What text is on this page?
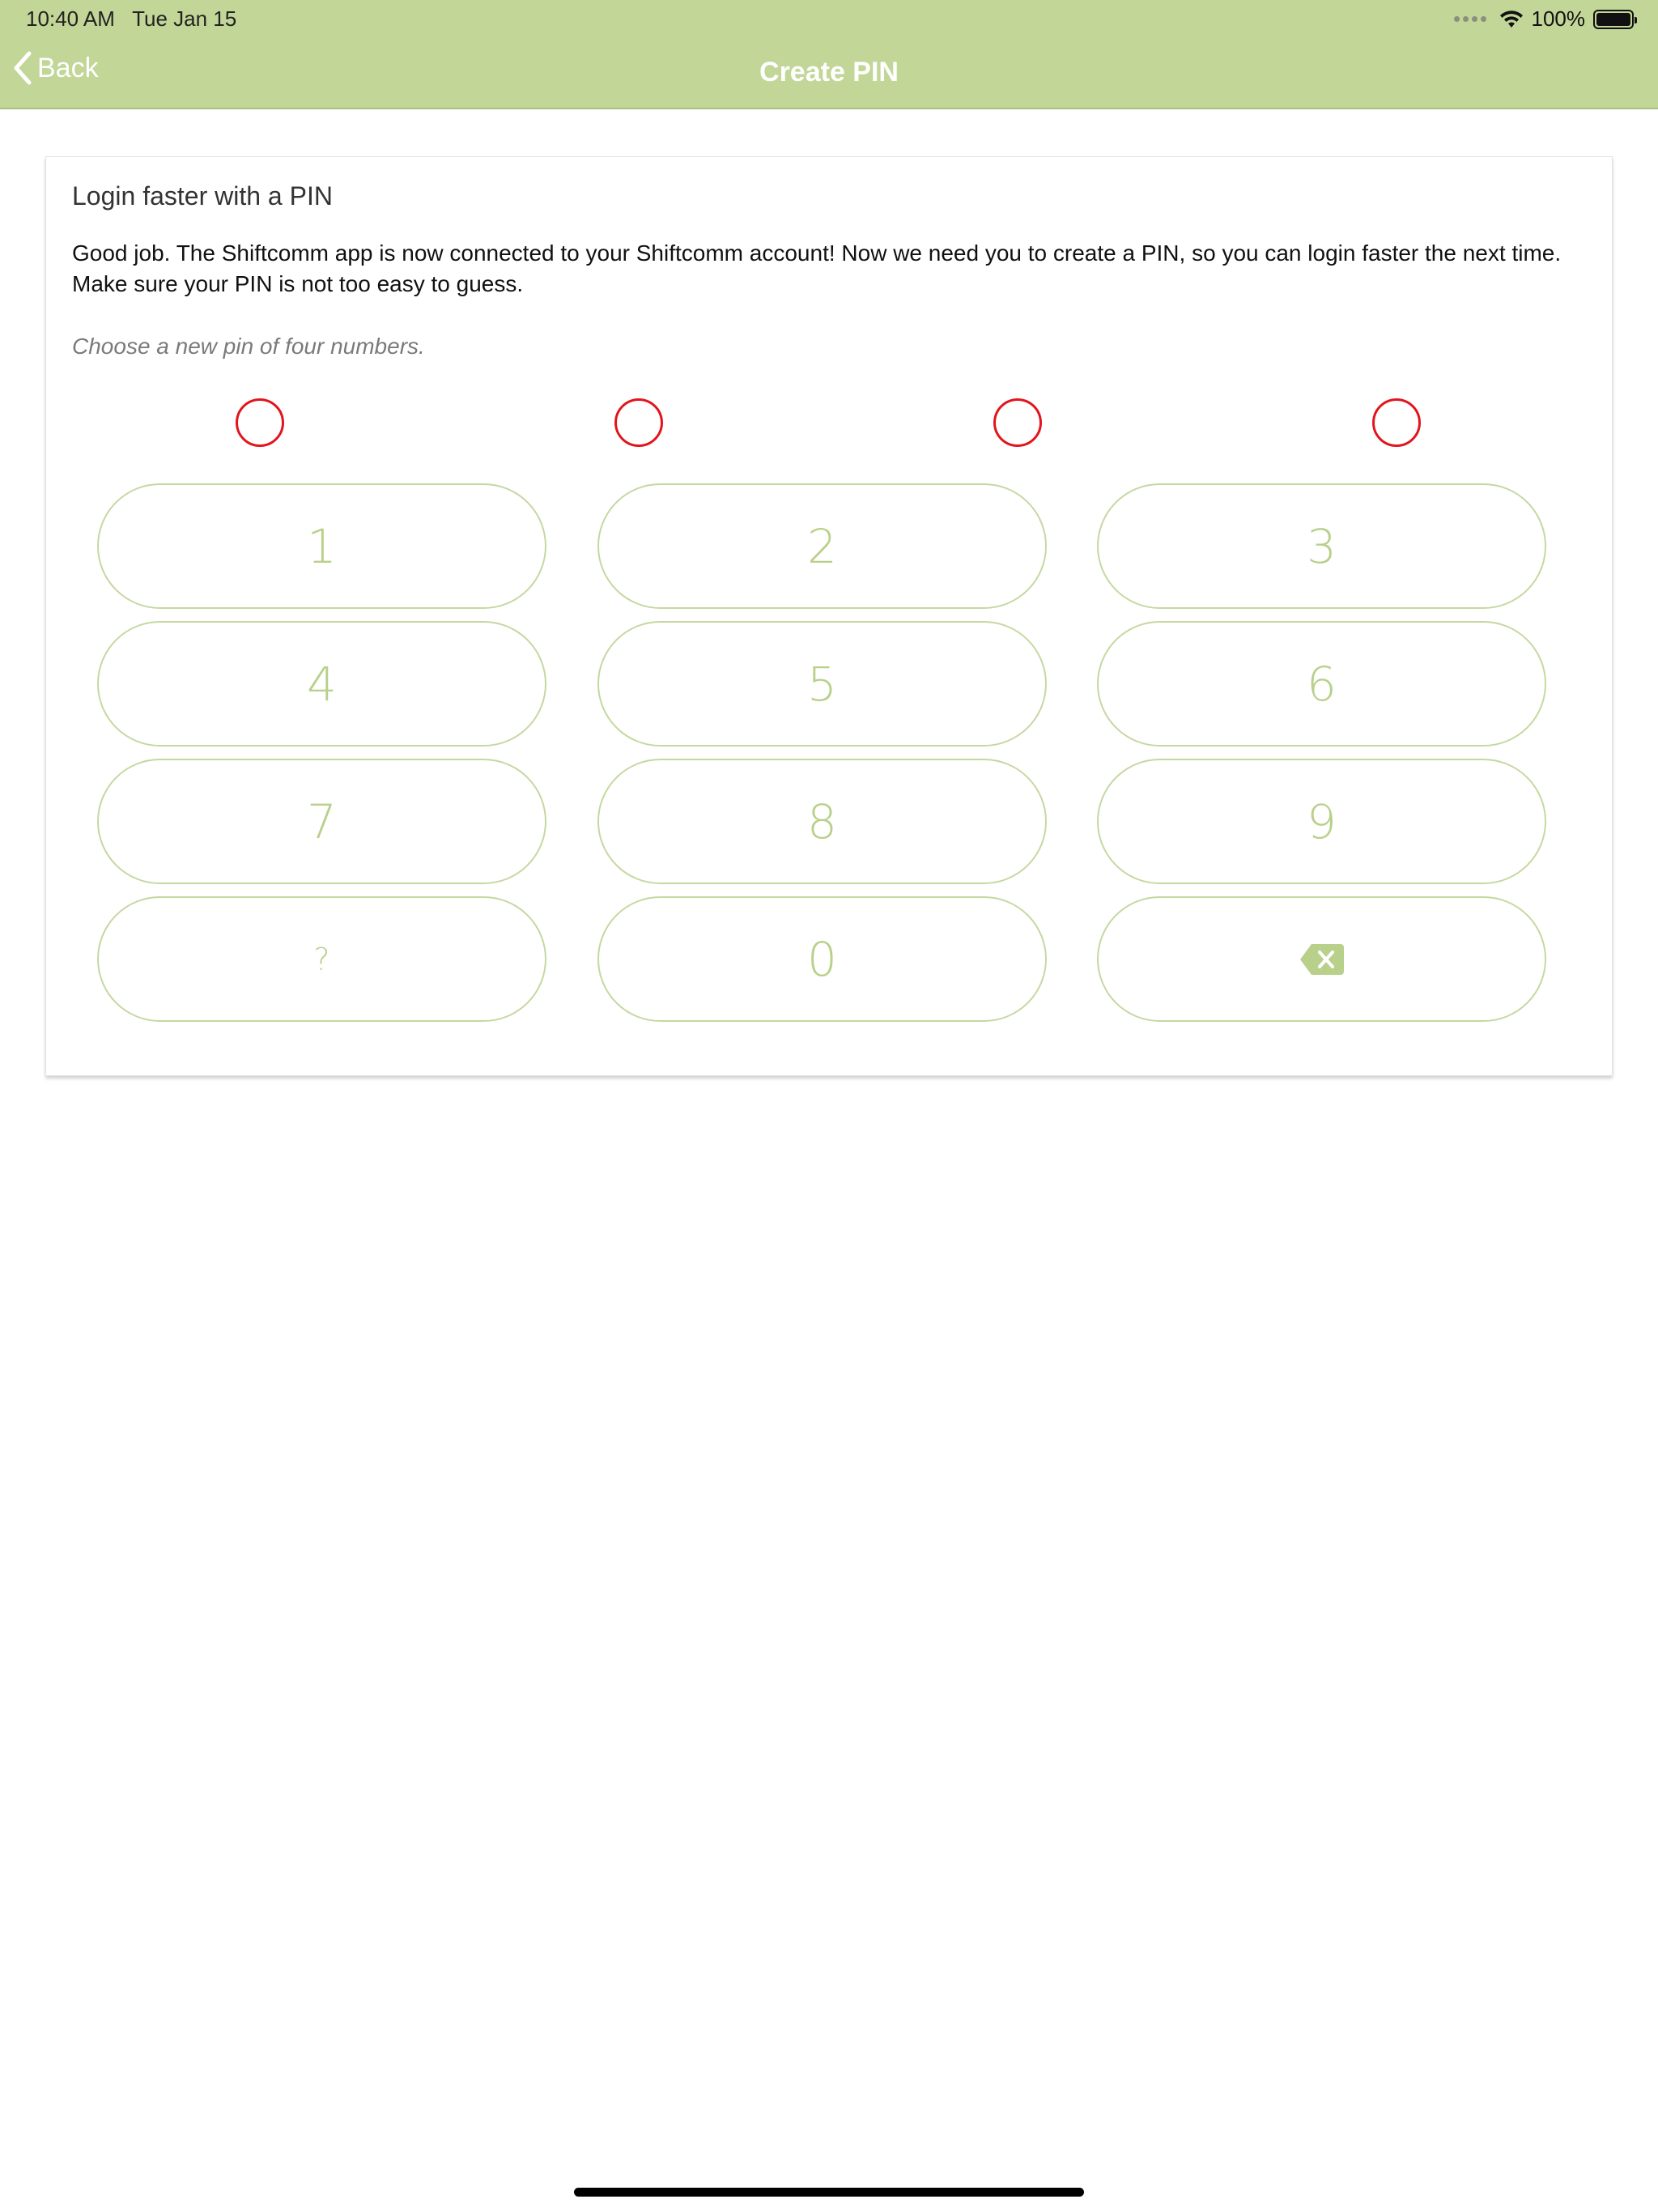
10:40 AM Tue Jan 15	100%
Back	Create PIN
Login faster with a PIN
Good job. The Shiftcomm app is now connected to your Shiftcomm account! Now we need you to create a PIN, so you can login faster the next time. Make sure your PIN is not too easy to guess.
Choose a new pin of four numbers.
1	2	3
4	5	6
7	8	9
?	0
